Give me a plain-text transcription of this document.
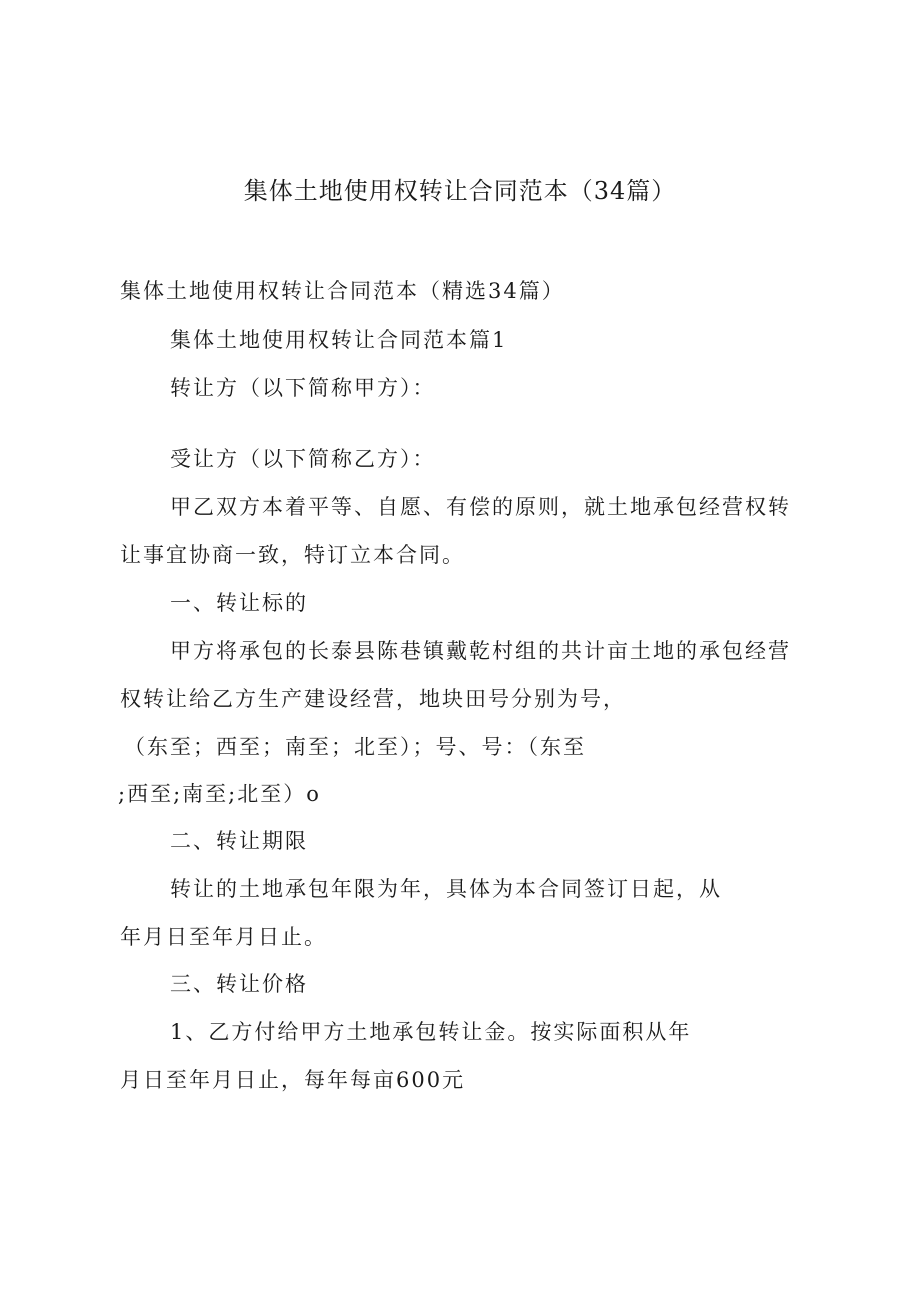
集体土地使用权转让合同范本（34篇）
集体土地使用权转让合同范本（精选34篇）
集体土地使用权转让合同范本篇1
转让方（以下简称甲方）：
受让方（以下简称乙方）：
甲乙双方本着平等、自愿、有偿的原则，就土地承包经营权转
让事宜协商一致，特订立本合同。
一、转让标的
甲方将承包的长泰县陈巷镇戴乾村组的共计亩土地的承包经营
权转让给乙方生产建设经营，地块田号分别为号，
（东至；西至；南至；北至）；号、号：（东至
;西至;南至;北至）o
二、转让期限
转让的土地承包年限为年，具体为本合同签订日起，从
年月日至年月日止。
三、转让价格
1、乙方付给甲方土地承包转让金。按实际面积从年
月日至年月日止，每年每亩600元
